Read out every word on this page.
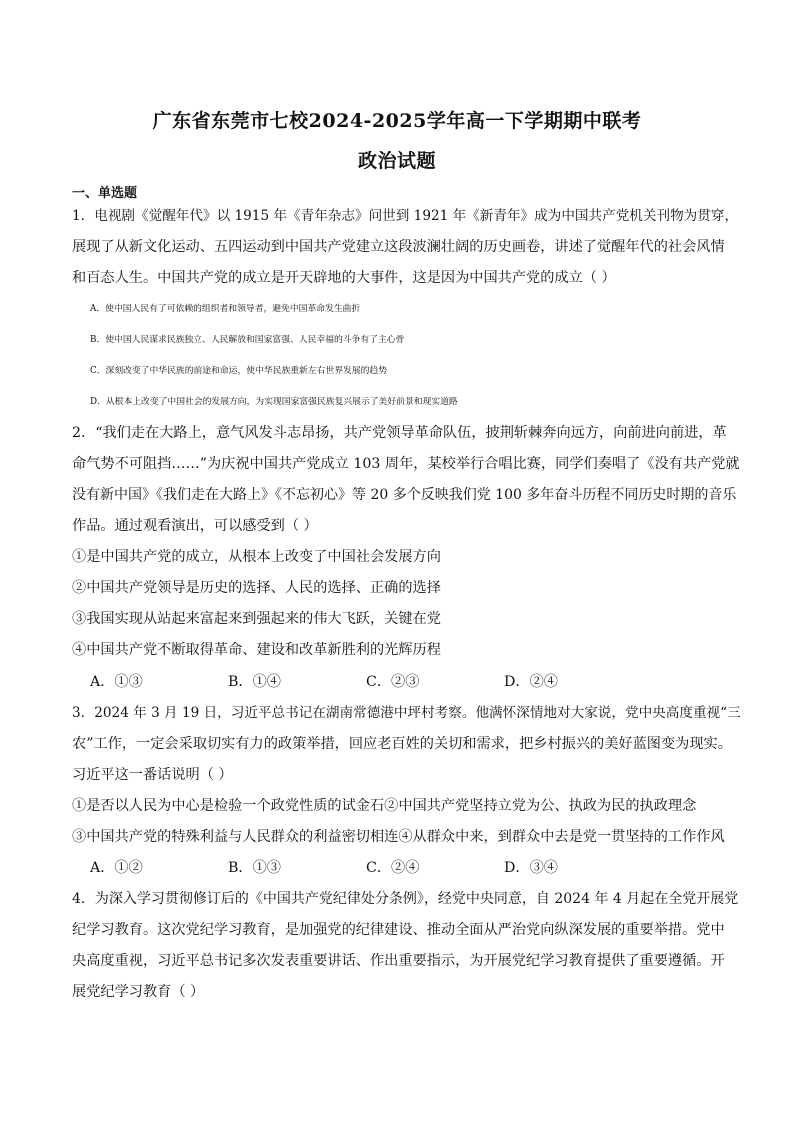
广东省东莞市七校2024-2025学年高一下学期期中联考
政治试题
一、单选题
1．电视剧《觉醒年代》以 1915 年《青年杂志》问世到 1921 年《新青年》成为中国共产党机关刊物为贯穿，
展现了从新文化运动、五四运动到中国共产党建立这段波澜壮阔的历史画卷，讲述了觉醒年代的社会风情
和百态人生。中国共产党的成立是开天辟地的大事件，这是因为中国共产党的成立（ ）
A．使中国人民有了可依赖的组织者和领导者，避免中国革命发生曲折
B．使中国人民谋求民族独立、人民解放和国家富强、人民幸福的斗争有了主心骨
C．深刻改变了中华民族的前途和命运，使中华民族重新左右世界发展的趋势
D．从根本上改变了中国社会的发展方向，为实现国家富强民族复兴展示了美好前景和现实道路
2．“我们走在大路上，意气风发斗志昂扬，共产党领导革命队伍，披荆斩棘奔向远方，向前进向前进，革
命气势不可阻挡……”为庆祝中国共产党成立 103 周年，某校举行合唱比赛，同学们奏唱了《没有共产党就
没有新中国》《我们走在大路上》《不忘初心》等 20 多个反映我们党 100 多年奋斗历程不同历史时期的音乐
作品。通过观看演出，可以感受到（ ）
①是中国共产党的成立，从根本上改变了中国社会发展方向
②中国共产党领导是历史的选择、人民的选择、正确的选择
③我国实现从站起来富起来到强起来的伟大飞跃，关键在党
④中国共产党不断取得革命、建设和改革新胜利的光辉历程
A．①③	B．①④	C．②③	D．②④
3．2024 年 3 月 19 日，习近平总书记在湖南常德港中坪村考察。他满怀深情地对大家说，党中央高度重视“三
农”工作，一定会采取切实有力的政策举措，回应老百姓的关切和需求，把乡村振兴的美好蓝图变为现实。
习近平这一番话说明（ ）
①是否以人民为中心是检验一个政党性质的试金石②中国共产党坚持立党为公、执政为民的执政理念
③中国共产党的特殊利益与人民群众的利益密切相连④从群众中来，到群众中去是党一贯坚持的工作作风
A．①②	B．①③	C．②④	D．③④
4．为深入学习贯彻修订后的《中国共产党纪律处分条例》，经党中央同意，自 2024 年 4 月起在全党开展党
纪学习教育。这次党纪学习教育，是加强党的纪律建设、推动全面从严治党向纵深发展的重要举措。党中
央高度重视，习近平总书记多次发表重要讲话、作出重要指示，为开展党纪学习教育提供了重要遵循。开
展党纪学习教育（ ）
